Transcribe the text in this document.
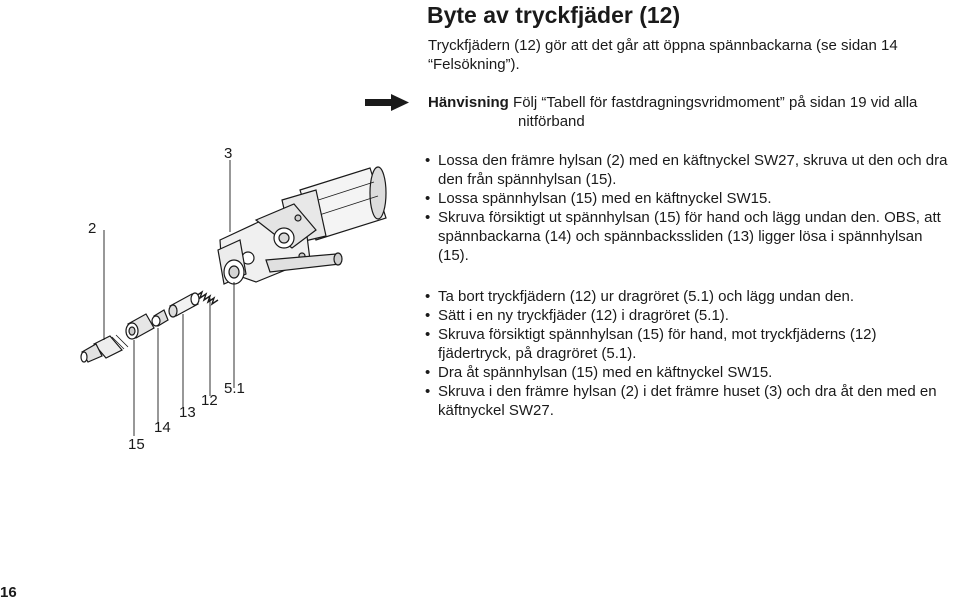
Byte av tryckfjäder (12)

Tryckfjädern (12) gör att det går att öppna spännbackarna (se sidan 14 “Felsökning”).

Hänvisning Följ “Tabell för fastdragningsvridmoment” på sidan 19 vid alla
nitförband
• Lossa den främre hylsan (2) med en käftnyckel SW27, skruva ut den och dra den från spännhylsan (15).
• Lossa spännhylsan (15) med en käftnyckel SW15.
• Skruva försiktigt ut spännhylsan (15) för hand och lägg undan den. OBS, att spännbackarna (14) och spännbackssliden (13) ligger lösa i spännhylsan (15).
• Ta bort tryckfjädern (12) ur dragröret (5.1) och lägg undan den.
• Sätt i en ny tryckfjäder (12) i dragröret (5.1).
• Skruva försiktigt spännhylsan (15) för hand, mot tryckfjäderns (12) fjädertryck, på dragröret (5.1).
• Dra åt spännhylsan (15) med en käftnyckel SW15.
• Skruva i den främre hylsan (2) i det främre huset (3) och dra åt den med en käftnyckel SW27.
3
2
5.1
12
13
14
15
16
